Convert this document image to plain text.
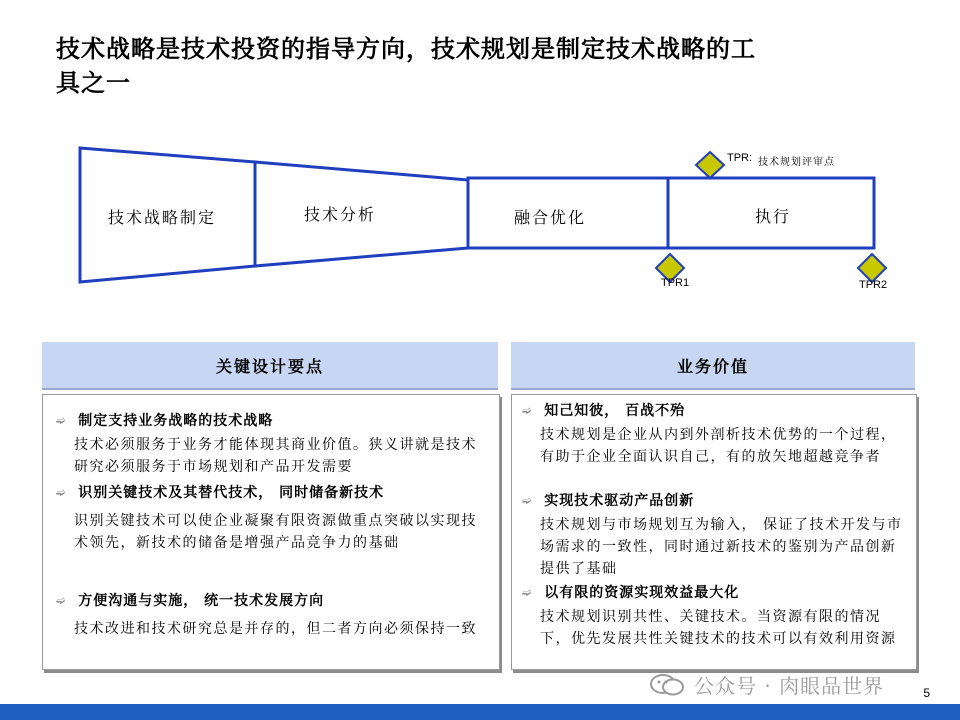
技术战略是技术投资的指导方向，技术规划是制定技术战略的工具之一
技术战略制定	技术分析	融合优化	执行
TPR: 技术规划评审点
TPR1	TPR2
关键设计要点
➫ 制定支持业务战略的技术战略
技术必须服务于业务才能体现其商业价值。狭义讲就是技术研究必须服务于市场规划和产品开发需要
➫ 识别关键技术及其替代技术， 同时储备新技术
识别关键技术可以使企业凝聚有限资源做重点突破以实现技术领先，新技术的储备是增强产品竞争力的基础
➫ 方便沟通与实施， 统一技术发展方向
技术改进和技术研究总是并存的，但二者方向必须保持一致
业务价值
➫ 知己知彼， 百战不殆
技术规划是企业从内到外剖析技术优势的一个过程，有助于企业全面认识自己，有的放矢地超越竞争者
➫ 实现技术驱动产品创新
技术规划与市场规划互为输入， 保证了技术开发与市场需求的一致性，同时通过新技术的鉴别为产品创新提供了基础
➫ 以有限的资源实现效益最大化
技术规划识别共性、关键技术。当资源有限的情况下，优先发展共性关键技术的技术可以有效利用资源
公众号 · 肉眼品世界	5
